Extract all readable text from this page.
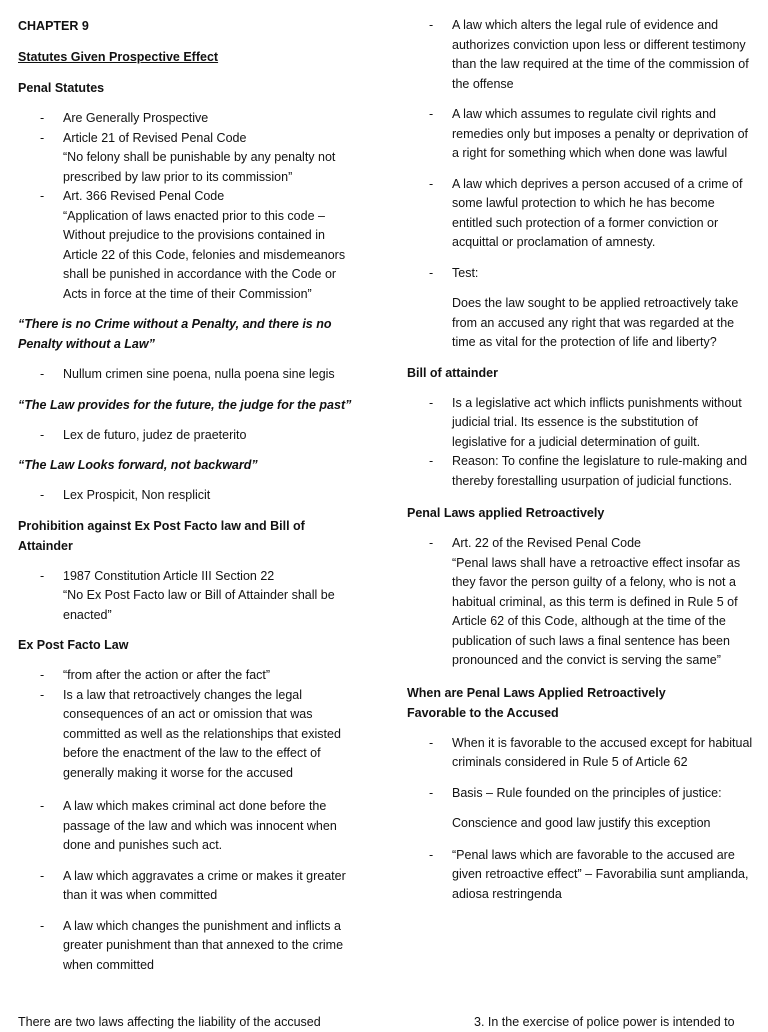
CHAPTER 9
Statutes Given Prospective Effect
Penal Statutes
- Are Generally Prospective
- Article 21 of Revised Penal Code
“No felony shall be punishable by any penalty not prescribed by law prior to its commission”
- Art. 366 Revised Penal Code
“Application of laws enacted prior to this code – Without prejudice to the provisions contained in Article 22 of this Code, felonies and misdemeanors shall be punished in accordance with the Code or Acts in force at the time of their Commission”
“There is no Crime without a Penalty, and there is no Penalty without a Law”
- Nullum crimen sine poena, nulla poena sine legis
“The Law provides for the future, the judge for the past”
- Lex de futuro, judez de praeterito
“The Law Looks forward, not backward”
- Lex Prospicit, Non resplicit
Prohibition against Ex Post Facto law and Bill of Attainder
- 1987 Constitution Article III Section 22
“No Ex Post Facto law or Bill of Attainder shall be enacted”
Ex Post Facto Law
- “from after the action or after the fact”
- Is a law that retroactively changes the legal consequences of an act or omission that was committed as well as the relationships that existed before the enactment of the law to the effect of generally making it worse for the accused
- A law which makes criminal act done before the passage of the law and which was innocent when done and punishes such act.
- A law which aggravates a crime or makes it greater than it was when committed
- A law which changes the punishment and inflicts a greater punishment than that annexed to the crime when committed
- A law which alters the legal rule of evidence and authorizes conviction upon less or different testimony than the law required at the time of the commission of the offense
- A law which assumes to regulate civil rights and remedies only but imposes a penalty or deprivation of a right for something which when done was lawful
- A law which deprives a person accused of a crime of some lawful protection to which he has become entitled such protection of a former conviction or acquittal or proclamation of amnesty.
- Test:
Does the law sought to be applied retroactively take from an accused any right that was regarded at the time as vital for the protection of life and liberty?
Bill of attainder
- Is a legislative act which inflicts punishments without judicial trial. Its essence is the substitution of legislative for a judicial determination of guilt.
- Reason: To confine the legislature to rule-making and thereby forestalling usurpation of judicial functions.
Penal Laws applied Retroactively
- Art. 22 of the Revised Penal Code
“Penal laws shall have a retroactive effect insofar as they favor the person guilty of a felony, who is not a habitual criminal, as this term is defined in Rule 5 of Article 62 of this Code, although at the time of the publication of such laws a final sentence has been pronounced and the convict is serving the same”
When are Penal Laws Applied Retroactively
Favorable to the Accused
- When it is favorable to the accused except for habitual criminals considered in Rule 5 of Article 62
- Basis – Rule founded on the principles of justice:
Conscience and good law justify this exception
- “Penal laws which are favorable to the accused are given retroactive effect” – Favorabilia sunt amplianda, adiosa restringenda
There are two laws affecting the liability of the accused	3. In the exercise of police power is intended to
